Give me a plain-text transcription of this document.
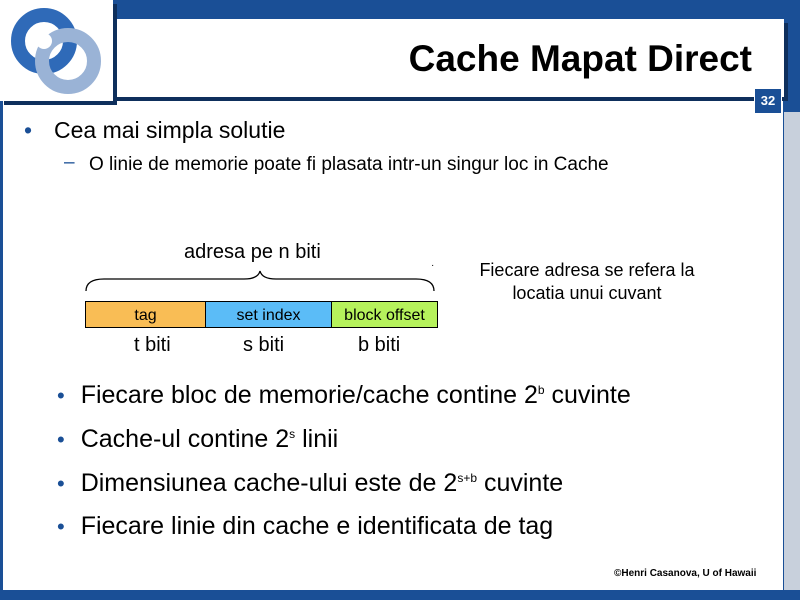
Cache Mapat Direct
32
• Cea mai simpla solutie
– O linie de memorie poate fi plasata intr-un singur loc in Cache
adresa pe n biti
·	Fiecare adresa se refera la
locatia unui cuvant
tag	set index	block offset
t biti	s biti	b biti
• Fiecare bloc de memorie/cache contine 2$^b$ cuvinte
• Cache-ul contine 2$^s$ linii
• Dimensiunea cache-ului este de $2^{s+b}$ cuvinte
• Fiecare linie din cache e identificata de tag
©Henri Casanova, U of Hawaii
